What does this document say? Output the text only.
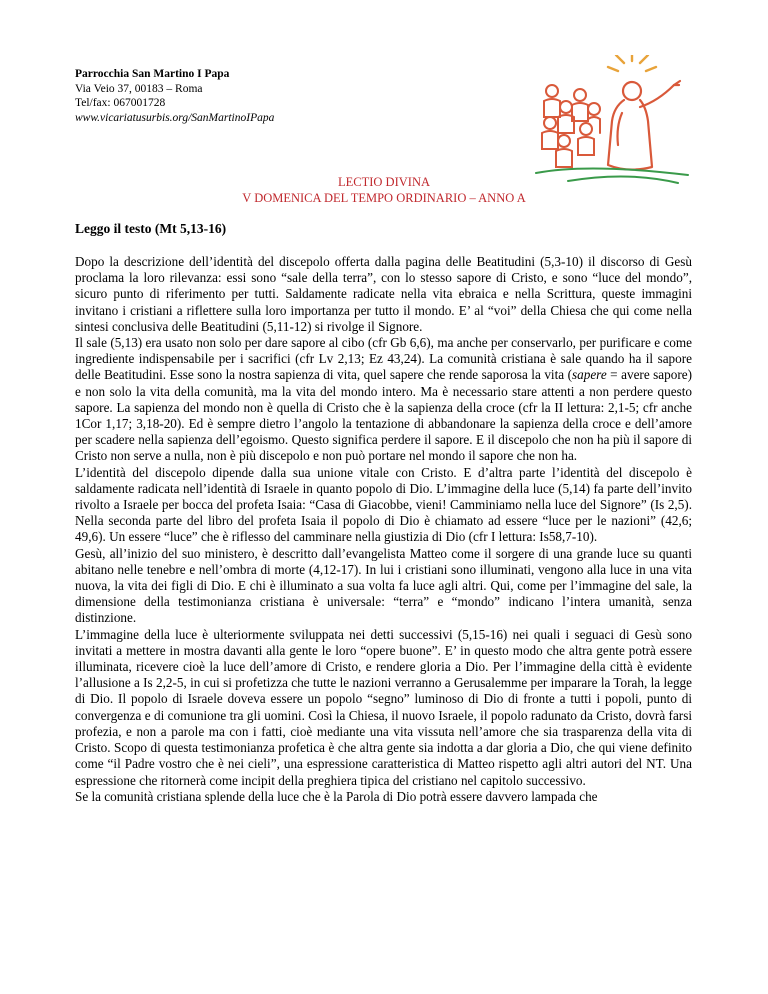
Parrocchia San Martino I Papa
Via Veio 37, 00183 – Roma
Tel/fax: 067001728
www.vicariatusurbis.org/SanMartinoIPapa
LECTIO DIVINA
V DOMENICA DEL TEMPO ORDINARIO – ANNO A
Leggo il testo (Mt 5,13-16)

Dopo la descrizione dell’identità del discepolo offerta dalla pagina delle Beatitudini (5,3-10) il discorso di Gesù proclama la loro rilevanza: essi sono “sale della terra”, con lo stesso sapore di Cristo, e sono “luce del mondo”, sicuro punto di riferimento per tutti. Saldamente radicate nella vita ebraica e nella Scrittura, queste immagini invitano i cristiani a riflettere sulla loro importanza per tutto il mondo. E’ al “voi” della Chiesa che qui come nella sintesi conclusiva delle Beatitudini (5,11-12) si rivolge il Signore.

Il sale (5,13) era usato non solo per dare sapore al cibo (cfr Gb 6,6), ma anche per conservarlo, per purificare e come ingrediente indispensabile per i sacrifici (cfr Lv 2,13; Ez 43,24). La comunità cristiana è sale quando ha il sapore delle Beatitudini. Esse sono la nostra sapienza di vita, quel sapere che rende saporosa la vita (sapere = avere sapore) e non solo la vita della comunità, ma la vita del mondo intero. Ma è necessario stare attenti a non perdere questo sapore. La sapienza del mondo non è quella di Cristo che è la sapienza della croce (cfr la II lettura: 2,1-5; cfr anche 1Cor 1,17; 3,18-20). Ed è sempre dietro l’angolo la tentazione di abbandonare la sapienza della croce e dell’amore per scadere nella sapienza dell’egoismo. Questo significa perdere il sapore. E il discepolo che non ha più il sapore di Cristo non serve a nulla, non è più discepolo e non può portare nel mondo il sapore che non ha.

L’identità del discepolo dipende dalla sua unione vitale con Cristo. E d’altra parte l’identità del discepolo è saldamente radicata nell’identità di Israele in quanto popolo di Dio. L’immagine della luce (5,14) fa parte dell’invito rivolto a Israele per bocca del profeta Isaia: “Casa di Giacobbe, vieni! Camminiamo nella luce del Signore” (Is 2,5). Nella seconda parte del libro del profeta Isaia il popolo di Dio è chiamato ad essere “luce per le nazioni” (42,6; 49,6). Un essere “luce” che è riflesso del camminare nella giustizia di Dio (cfr I lettura: Is58,7-10).

Gesù, all’inizio del suo ministero, è descritto dall’evangelista Matteo come il sorgere di una grande luce su quanti abitano nelle tenebre e nell’ombra di morte (4,12-17). In lui i cristiani sono illuminati, vengono alla luce in una vita nuova, la vita dei figli di Dio. E chi è illuminato a sua volta fa luce agli altri. Qui, come per l’immagine del sale, la dimensione della testimonianza cristiana è universale: “terra” e “mondo” indicano l’intera umanità, senza distinzione.

L’immagine della luce è ulteriormente sviluppata nei detti successivi (5,15-16) nei quali i seguaci di Gesù sono invitati a mettere in mostra davanti alla gente le loro “opere buone”. E’ in questo modo che altra gente potrà essere illuminata, ricevere cioè la luce dell’amore di Cristo, e rendere gloria a Dio. Per l’immagine della città è evidente l’allusione a Is 2,2-5, in cui si profetizza che tutte le nazioni verranno a Gerusalemme per imparare la Torah, la legge di Dio. Il popolo di Israele doveva essere un popolo “segno” luminoso di Dio di fronte a tutti i popoli, punto di convergenza e di comunione tra gli uomini. Così la Chiesa, il nuovo Israele, il popolo radunato da Cristo, dovrà farsi profezia, e non a parole ma con i fatti, cioè mediante una vita vissuta nell’amore che sia trasparenza della vita di Cristo. Scopo di questa testimonianza profetica è che altra gente sia indotta a dar gloria a Dio, che qui viene definito come “il Padre vostro che è nei cieli”, una espressione caratteristica di Matteo rispetto agli altri autori del NT. Una espressione che ritornerà come incipit della preghiera tipica del cristiano nel capitolo successivo.

Se la comunità cristiana splende della luce che è la Parola di Dio potrà essere davvero lampada che
